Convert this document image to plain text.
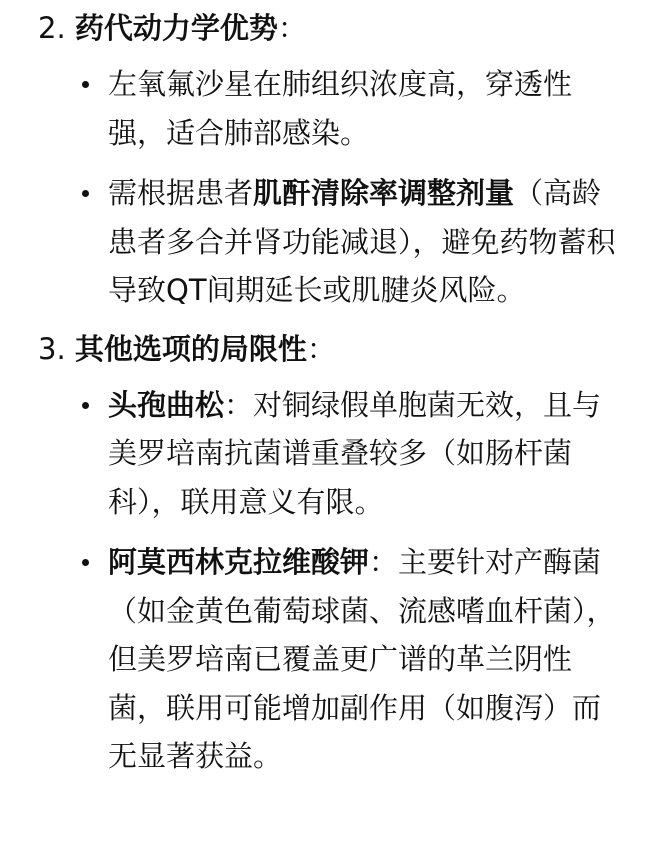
2. 药代动力学优势：
左氧氟沙星在肺组织浓度高，穿透性强，适合肺部感染。
需根据患者肌酐清除率调整剂量（高龄患者多合并肾功能减退），避免药物蓄积导致QT间期延长或肌腱炎风险。
3. 其他选项的局限性：
头孢曲松：对铜绿假单胞菌无效，且与美罗培南抗菌谱重叠较多（如肠杆菌科），联用意义有限。
阿莫西林克拉维酸钾：主要针对产酶菌（如金黄色葡萄球菌、流感嗜血杆菌），但美罗培南已覆盖更广谱的革兰阴性菌，联用可能增加副作用（如腹泻）而无显著获益。
